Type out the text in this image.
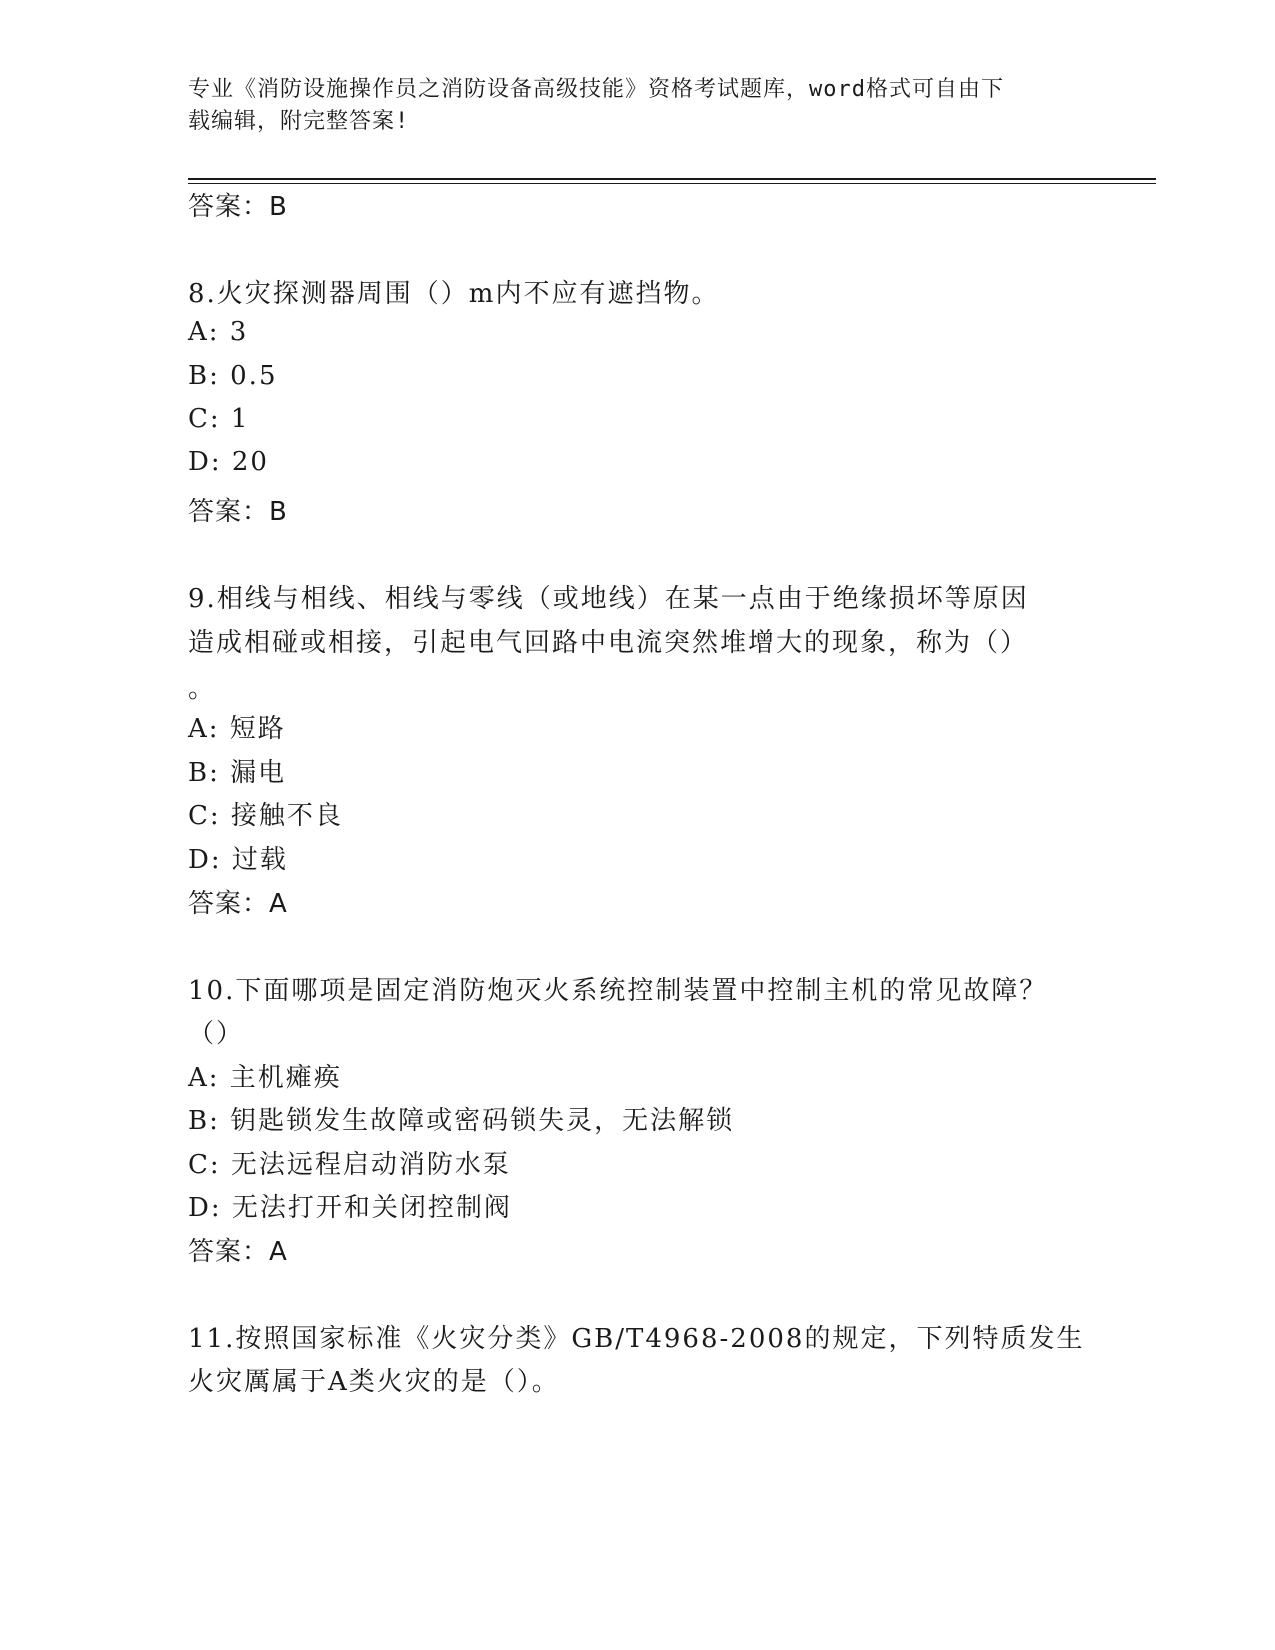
专业《消防设施操作员之消防设备高级技能》资格考试题库，word格式可自由下
载编辑，附完整答案!
答案：B
8.火灾探测器周围（）m内不应有遮挡物。
A: 3
B: 0.5
C: 1
D: 20
答案：B
9.相线与相线、相线与零线（或地线）在某一点由于绝缘损坏等原因
造成相碰或相接，引起电气回路中电流突然堆增大的现象，称为（）
。
A: 短路
B: 漏电
C: 接触不良
D: 过载
答案：A
10.下面哪项是固定消防炮灭火系统控制装置中控制主机的常见故障？
（）
A: 主机瘫痪
B: 钥匙锁发生故障或密码锁失灵，无法解锁
C: 无法远程启动消防水泵
D: 无法打开和关闭控制阀
答案：A
11.按照国家标准《火灾分类》GB/T4968-2008的规定，下列特质发生
火灾厲属于A类火灾的是（）。
